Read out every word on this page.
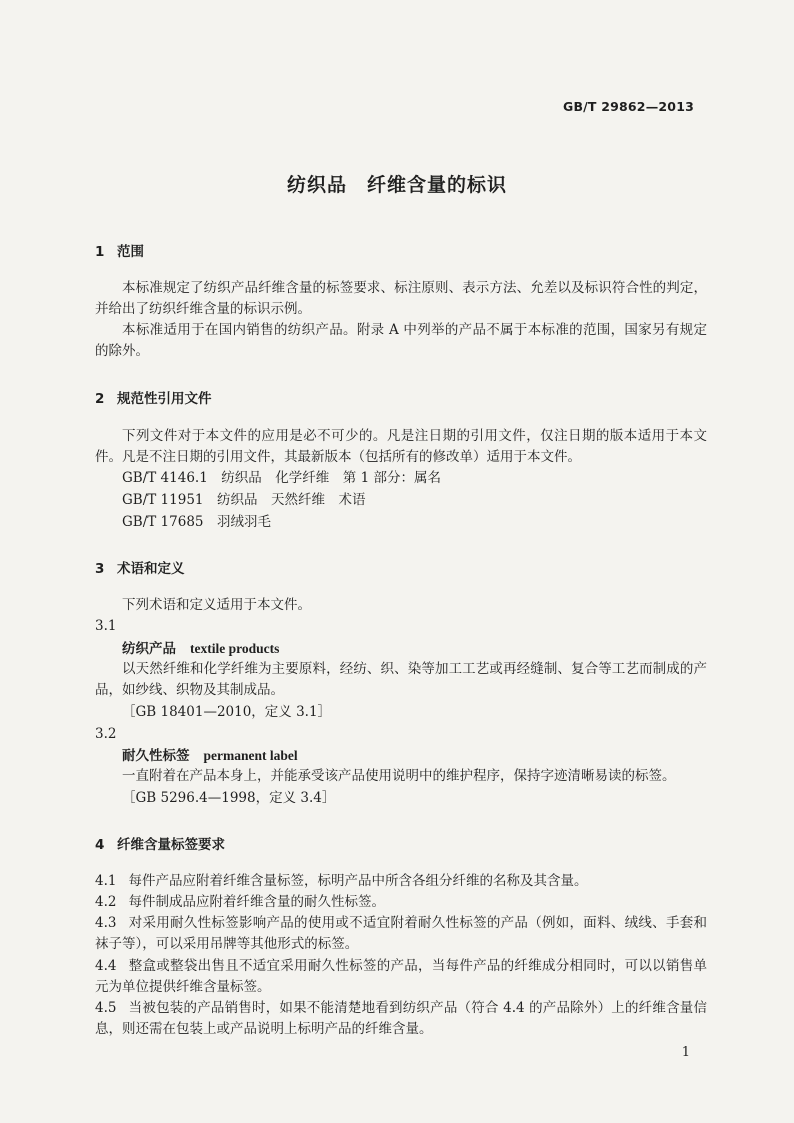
GB/T 29862—2013
纺织品　纤维含量的标识
1 范围
本标准规定了纺织产品纤维含量的标签要求、标注原则、表示方法、允差以及标识符合性的判定，并给出了纺织纤维含量的标识示例。
本标准适用于在国内销售的纺织产品。附录 A 中列举的产品不属于本标准的范围，国家另有规定的除外。
2 规范性引用文件
下列文件对于本文件的应用是必不可少的。凡是注日期的引用文件，仅注日期的版本适用于本文件。凡是不注日期的引用文件，其最新版本（包括所有的修改单）适用于本文件。
GB/T 4146.1　纺织品　化学纤维　第 1 部分：属名
GB/T 11951　纺织品　天然纤维　术语
GB/T 17685　羽绒羽毛
3 术语和定义
下列术语和定义适用于本文件。
3.1
纺织产品 textile products
以天然纤维和化学纤维为主要原料，经纺、织、染等加工工艺或再经缝制、复合等工艺而制成的产品，如纱线、织物及其制成品。
［GB 18401—2010，定义 3.1］
3.2
耐久性标签 permanent label
一直附着在产品本身上，并能承受该产品使用说明中的维护程序，保持字迹清晰易读的标签。
［GB 5296.4—1998，定义 3.4］
4 纤维含量标签要求
4.1 每件产品应附着纤维含量标签，标明产品中所含各组分纤维的名称及其含量。
4.2 每件制成品应附着纤维含量的耐久性标签。
4.3 对采用耐久性标签影响产品的使用或不适宜附着耐久性标签的产品（例如，面料、绒线、手套和袜子等），可以采用吊牌等其他形式的标签。
4.4 整盒或整袋出售且不适宜采用耐久性标签的产品，当每件产品的纤维成分相同时，可以以销售单元为单位提供纤维含量标签。
4.5 当被包装的产品销售时，如果不能清楚地看到纺织产品（符合 4.4 的产品除外）上的纤维含量信息，则还需在包装上或产品说明上标明产品的纤维含量。
1
